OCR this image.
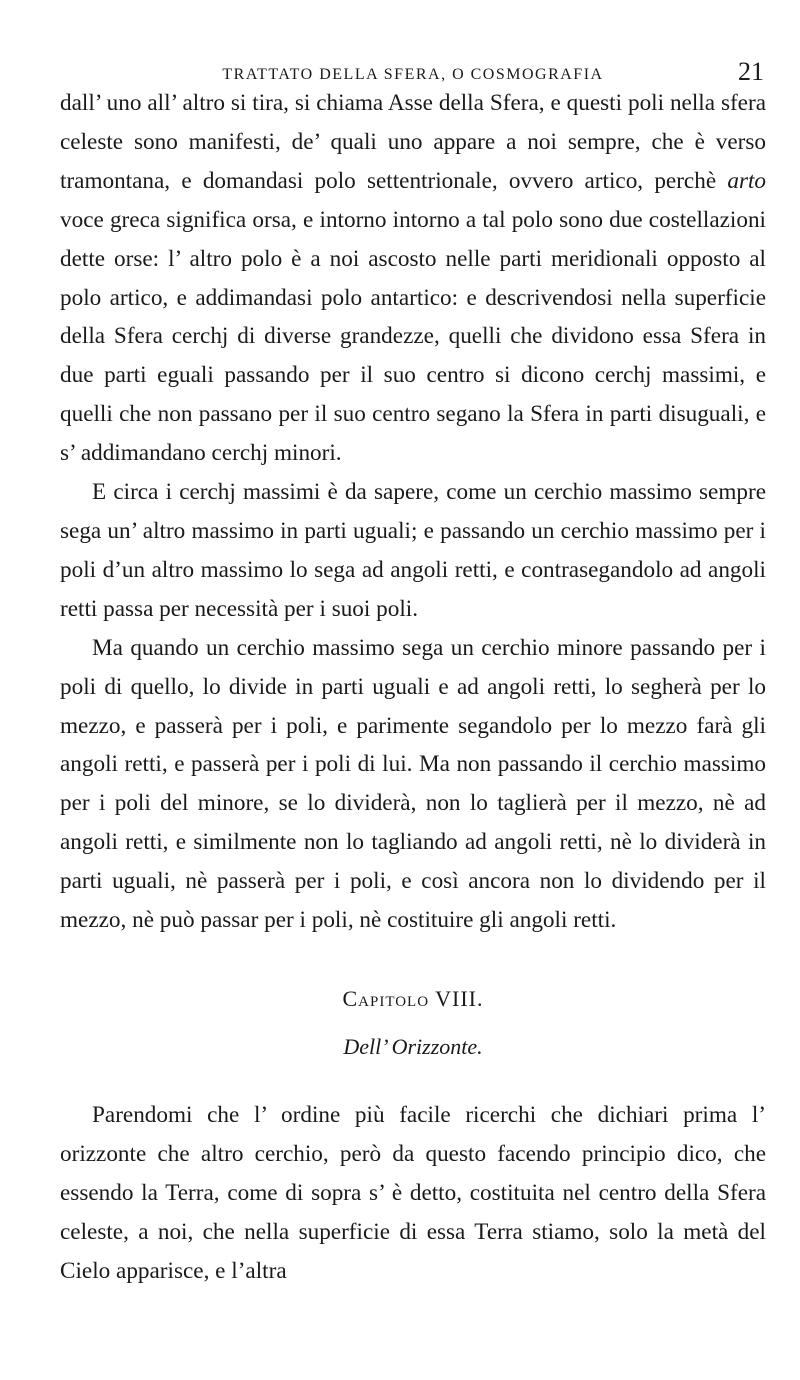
TRATTATO DELLA SFERA, O COSMOGRAFIA	21

dall’ uno all’ altro si tira, si chiama Asse della Sfera, e questi poli nella sfera celeste sono manifesti, de’ quali uno appare a noi sempre, che è verso tramontana, e domandasi polo settentrionale, ovvero artico, perchè arto voce greca significa orsa, e intorno intorno a tal polo sono due costellazioni dette orse: l’ altro polo è a noi ascosto nelle parti meridionali opposto al polo artico, e addimandasi polo antartico: e descrivendosi nella superficie della Sfera cerchj di diverse grandezze, quelli che dividono essa Sfera in due parti eguali passando per il suo centro si dicono cerchj massimi, e quelli che non passano per il suo centro segano la Sfera in parti disuguali, e s’ addimandano cerchj minori.

E circa i cerchj massimi è da sapere, come un cerchio massimo sempre sega un’ altro massimo in parti uguali; e passando un cerchio massimo per i poli d’un altro massimo lo sega ad angoli retti, e contrasegandolo ad angoli retti passa per necessità per i suoi poli.

Ma quando un cerchio massimo sega un cerchio minore passando per i poli di quello, lo divide in parti uguali e ad angoli retti, lo segherà per lo mezzo, e passerà per i poli, e parimente segandolo per lo mezzo farà gli angoli retti, e passerà per i poli di lui. Ma non passando il cerchio massimo per i poli del minore, se lo dividerà, non lo taglierà per il mezzo, nè ad angoli retti, e similmente non lo tagliando ad angoli retti, nè lo dividerà in parti uguali, nè passerà per i poli, e così ancora non lo dividendo per il mezzo, nè può passar per i poli, nè costituire gli angoli retti.

Capitolo VIII.
Dell’ Orizzonte.

Parendomi che l’ ordine più facile ricerchi che dichiari prima l’ orizzonte che altro cerchio, però da questo facendo principio dico, che essendo la Terra, come di sopra s’ è detto, costituita nel centro della Sfera celeste, a noi, che nella superficie di essa Terra stiamo, solo la metà del Cielo apparisce, e l’altra
